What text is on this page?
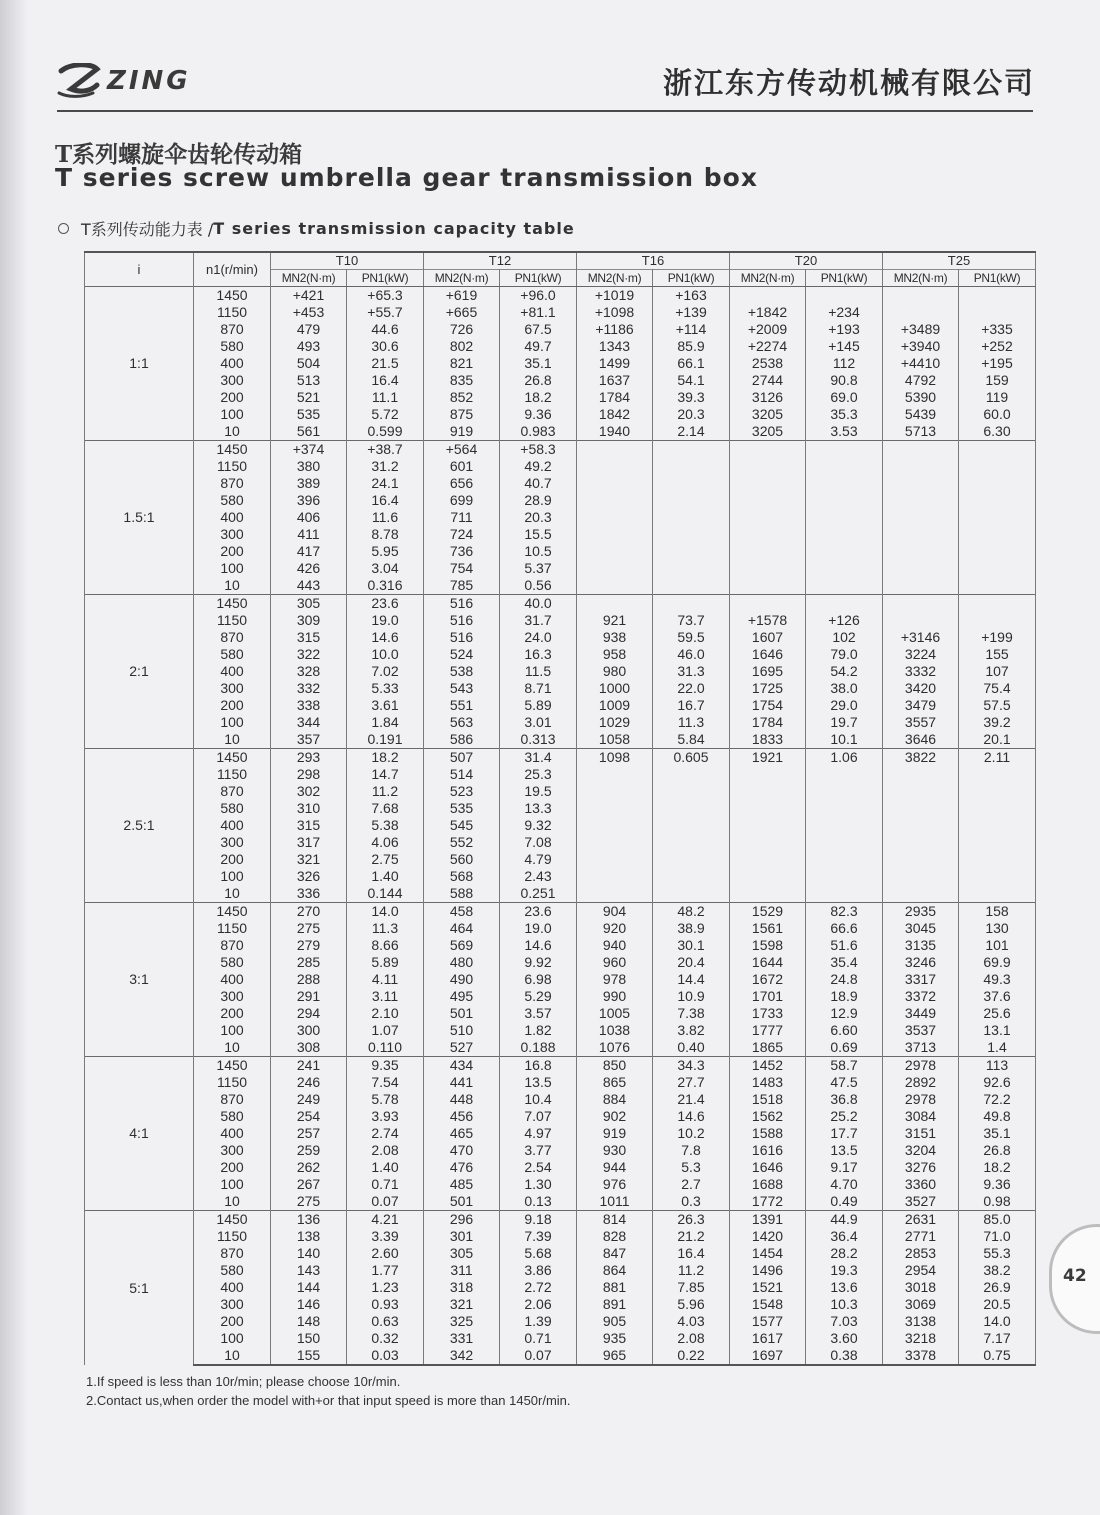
ZING	浙江东方传动机械有限公司
T系列螺旋伞齿轮传动箱
T series screw umbrella gear transmission box
T系列传动能力表 / T series transmission capacity table
i	n1(r/min)	T10		T12		T16		T20		T25	
		MN2(N·m)	PN1(kW)	MN2(N·m)	PN1(kW)	MN2(N·m)	PN1(kW)	MN2(N·m)	PN1(kW)	MN2(N·m)	PN1(kW)
1:1	1450	+421	+65.3	+619	+96.0	+1019	+163				
	1150	+453	+55.7	+665	+81.1	+1098	+139	+1842	+234		
	870	479	44.6	726	67.5	+1186	+114	+2009	+193	+3489	+335
	580	493	30.6	802	49.7	1343	85.9	+2274	+145	+3940	+252
	400	504	21.5	821	35.1	1499	66.1	2538	112	+4410	+195
	300	513	16.4	835	26.8	1637	54.1	2744	90.8	4792	159
	200	521	11.1	852	18.2	1784	39.3	3126	69.0	5390	119
	100	535	5.72	875	9.36	1842	20.3	3205	35.3	5439	60.0
	10	561	0.599	919	0.983	1940	2.14	3205	3.53	5713	6.30
1.5:1	1450	+374	+38.7	+564	+58.3						
	1150	380	31.2	601	49.2						
	870	389	24.1	656	40.7						
	580	396	16.4	699	28.9						
	400	406	11.6	711	20.3						
	300	411	8.78	724	15.5						
	200	417	5.95	736	10.5						
	100	426	3.04	754	5.37						
	10	443	0.316	785	0.56						
2:1	1450	305	23.6	516	40.0						
	1150	309	19.0	516	31.7	921	73.7	+1578	+126		
	870	315	14.6	516	24.0	938	59.5	1607	102	+3146	+199
	580	322	10.0	524	16.3	958	46.0	1646	79.0	3224	155
	400	328	7.02	538	11.5	980	31.3	1695	54.2	3332	107
	300	332	5.33	543	8.71	1000	22.0	1725	38.0	3420	75.4
	200	338	3.61	551	5.89	1009	16.7	1754	29.0	3479	57.5
	100	344	1.84	563	3.01	1029	11.3	1784	19.7	3557	39.2
	10	357	0.191	586	0.313	1058	5.84	1833	10.1	3646	20.1
2.5:1	1450	293	18.2	507	31.4	1098	0.605	1921	1.06	3822	2.11
	1150	298	14.7	514	25.3						
	870	302	11.2	523	19.5						
	580	310	7.68	535	13.3						
	400	315	5.38	545	9.32						
	300	317	4.06	552	7.08						
	200	321	2.75	560	4.79						
	100	326	1.40	568	2.43						
	10	336	0.144	588	0.251						
3:1	1450	270	14.0	458	23.6	904	48.2	1529	82.3	2935	158
	1150	275	11.3	464	19.0	920	38.9	1561	66.6	3045	130
	870	279	8.66	569	14.6	940	30.1	1598	51.6	3135	101
	580	285	5.89	480	9.92	960	20.4	1644	35.4	3246	69.9
	400	288	4.11	490	6.98	978	14.4	1672	24.8	3317	49.3
	300	291	3.11	495	5.29	990	10.9	1701	18.9	3372	37.6
	200	294	2.10	501	3.57	1005	7.38	1733	12.9	3449	25.6
	100	300	1.07	510	1.82	1038	3.82	1777	6.60	3537	13.1
	10	308	0.110	527	0.188	1076	0.40	1865	0.69	3713	1.4
4:1	1450	241	9.35	434	16.8	850	34.3	1452	58.7	2978	113
	1150	246	7.54	441	13.5	865	27.7	1483	47.5	2892	92.6
	870	249	5.78	448	10.4	884	21.4	1518	36.8	2978	72.2
	580	254	3.93	456	7.07	902	14.6	1562	25.2	3084	49.8
	400	257	2.74	465	4.97	919	10.2	1588	17.7	3151	35.1
	300	259	2.08	470	3.77	930	7.8	1616	13.5	3204	26.8
	200	262	1.40	476	2.54	944	5.3	1646	9.17	3276	18.2
	100	267	0.71	485	1.30	976	2.7	1688	4.70	3360	9.36
	10	275	0.07	501	0.13	1011	0.3	1772	0.49	3527	0.98
5:1	1450	136	4.21	296	9.18	814	26.3	1391	44.9	2631	85.0
	1150	138	3.39	301	7.39	828	21.2	1420	36.4	2771	71.0
	870	140	2.60	305	5.68	847	16.4	1454	28.2	2853	55.3
	580	143	1.77	311	3.86	864	11.2	1496	19.3	2954	38.2
	400	144	1.23	318	2.72	881	7.85	1521	13.6	3018	26.9
	300	146	0.93	321	2.06	891	5.96	1548	10.3	3069	20.5
	200	148	0.63	325	1.39	905	4.03	1577	7.03	3138	14.0
	100	150	0.32	331	0.71	935	2.08	1617	3.60	3218	7.17
	10	155	0.03	342	0.07	965	0.22	1697	0.38	3378	0.75
1.If speed is less than 10r/min; please choose 10r/min.
2.Contact us,when order the model with+or that input speed is more than 1450r/min.
42
